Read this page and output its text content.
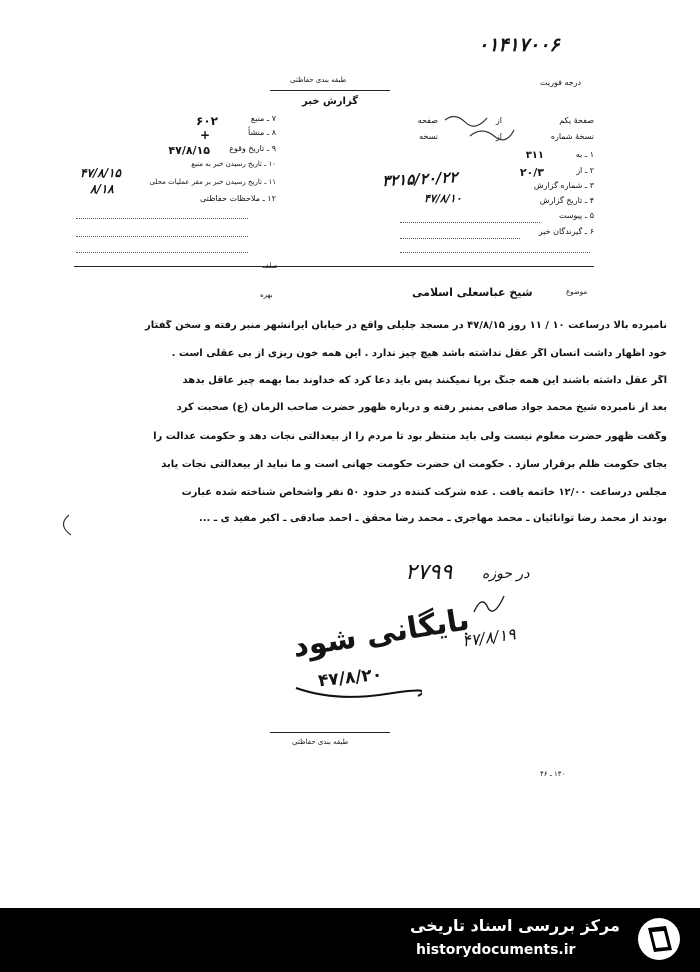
۰۱۴۱۷۰۰۶
درجه فوریت
طبقه بندی حفاظتی
گزارش خبر
صفحهٔ یکم
از
صفحه
نسخهٔ شماره
از
نسخه
۱ ـ به
۳۱۱
۲ ـ از
۲۰/۳
۳ ـ شماره گزارش
۳۲۱۵/۲۰/۲۲
۴ ـ تاریخ گزارش
۴۷/۸/۱۰
۵ ـ پیوست
۶ ـ گیرندگان خبر
۷ ـ منبع
۶۰۲
۸ ـ منشأ
+
۹ ـ تاریخ وقوع
۴۷/۸/۱۵
۱۰ ـ تاریخ رسیدن خبر به منبع
۴۷/۸/۱۵
۱۱ ـ تاریخ رسیدن خبر بر مقر عملیات محلی
۸/۱۸
۱۲ ـ ملاحظات حفاظتی
صلف
بهره	موضوع
شیخ عباسعلی اسلامی
نامبرده بالا درساعت ۱۰ / ۱۱ روز ۴۷/۸/۱۵ در مسجد جلیلی واقع در خیابان ایرانشهر منبر رفته و سخن گفتار
خود اظهار داشت انسان اگر عقل نداشته باشد هیچ چیز ندارد . این همه خون ریزی از بی عقلی است .
اگر عقل داشته باشند این همه جنگ برپا نمیکنند پس باید دعا کرد که خداوند بما بهمه چیز عاقل بدهد
بعد از نامبرده شیخ محمد جواد صافی بمنبر رفته و درباره ظهور حضرت صاحب الزمان (ع) صحبت کرد
وگفت ظهور حضرت معلوم نیست ولی باید منتظر بود تا مردم را از بیعدالتی نجات دهد و حکومت عدالت را
بجای حکومت ظلم برقرار سازد . حکومت آن حضرت حکومت جهانی است و ما نباید از بیعدالتی نجات یابد
مجلس درساعت ۱۲/۰۰ خاتمه یافت . عده شرکت کننده در حدود ۵۰ نفر واشخاص شناخته شده عبارت
بودند از محمد رضا توانائیان ـ محمد مهاجری ـ محمد رضا محقق ـ احمد صادقی ـ اکبر مفید ی ـ ...
۲۷۹۹ در حوزه
۴۷/۸/۱۹
بایگانی شود
۴۷/۸/۲۰
طبقه بندی حفاظتی
۱۳۰ ـ ۴۶
مرکز بررسی اسناد تاریخی
historydocuments.ir
